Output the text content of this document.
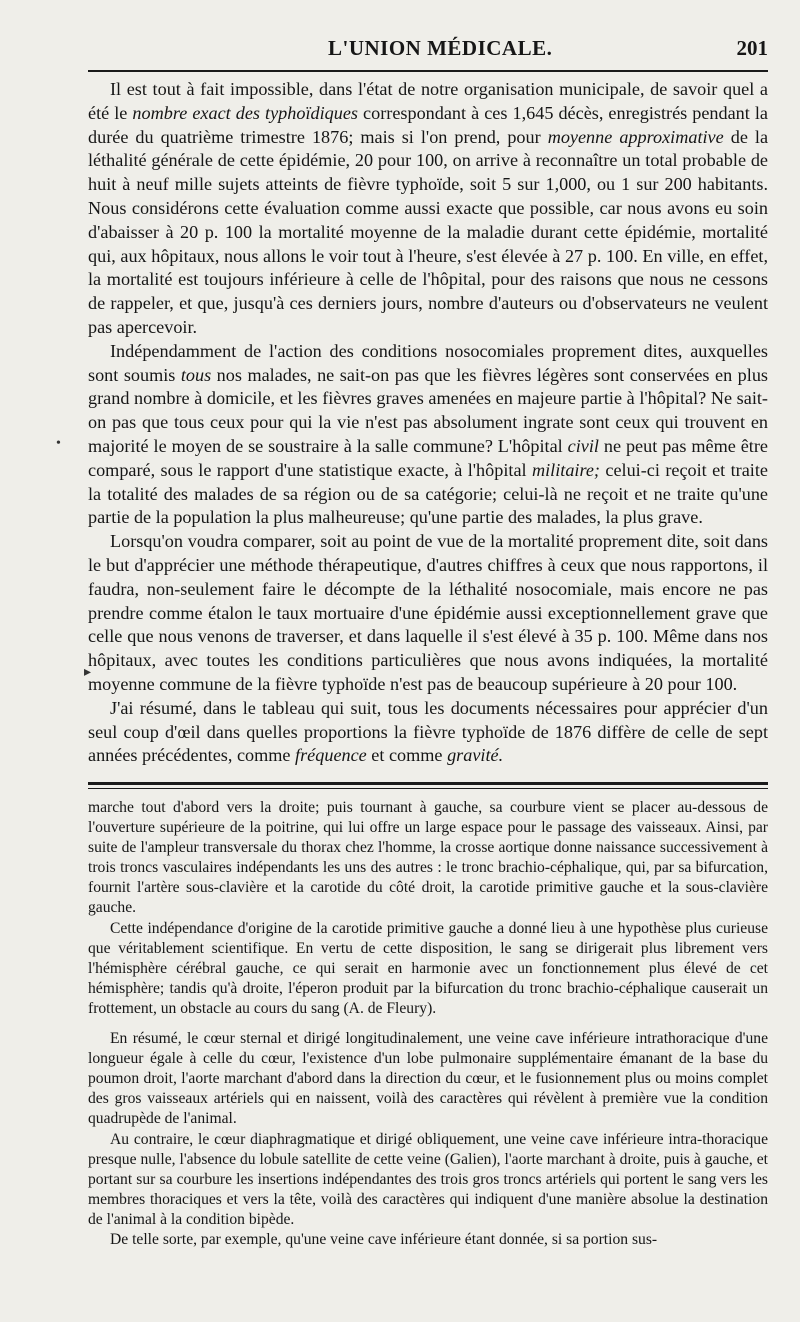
L'UNION MÉDICALE.	201

Il est tout à fait impossible, dans l'état de notre organisation municipale, de savoir quel a été le nombre exact des typhoïdiques correspondant à ces 1,645 décès, enregistrés pendant la durée du quatrième trimestre 1876; mais si l'on prend, pour moyenne approximative de la léthalité générale de cette épidémie, 20 pour 100, on arrive à reconnaître un total probable de huit à neuf mille sujets atteints de fièvre typhoïde, soit 5 sur 1,000, ou 1 sur 200 habitants. Nous considérons cette évaluation comme aussi exacte que possible, car nous avons eu soin d'abaisser à 20 p. 100 la mortalité moyenne de la maladie durant cette épidémie, mortalité qui, aux hôpitaux, nous allons le voir tout à l'heure, s'est élevée à 27 p. 100. En ville, en effet, la mortalité est toujours inférieure à celle de l'hôpital, pour des raisons que nous ne cessons de rappeler, et que, jusqu'à ces derniers jours, nombre d'auteurs ou d'observateurs ne veulent pas apercevoir.

Indépendamment de l'action des conditions nosocomiales proprement dites, auxquelles sont soumis tous nos malades, ne sait-on pas que les fièvres légères sont conservées en plus grand nombre à domicile, et les fièvres graves amenées en majeure partie à l'hôpital? Ne sait-on pas que tous ceux pour qui la vie n'est pas absolument ingrate sont ceux qui trouvent en majorité le moyen de se soustraire à la salle commune? L'hôpital civil ne peut pas même être comparé, sous le rapport d'une statistique exacte, à l'hôpital militaire; celui-ci reçoit et traite la totalité des malades de sa région ou de sa catégorie; celui-là ne reçoit et ne traite qu'une partie de la population la plus malheureuse; qu'une partie des malades, la plus grave.

Lorsqu'on voudra comparer, soit au point de vue de la mortalité proprement dite, soit dans le but d'apprécier une méthode thérapeutique, d'autres chiffres à ceux que nous rapportons, il faudra, non-seulement faire le décompte de la léthalité nosocomiale, mais encore ne pas prendre comme étalon le taux mortuaire d'une épidémie aussi exceptionnellement grave que celle que nous venons de traverser, et dans laquelle il s'est élevé à 35 p. 100. Même dans nos hôpitaux, avec toutes les conditions particulières que nous avons indiquées, la mortalité moyenne commune de la fièvre typhoïde n'est pas de beaucoup supérieure à 20 pour 100.

J'ai résumé, dans le tableau qui suit, tous les documents nécessaires pour apprécier d'un seul coup d'œil dans quelles proportions la fièvre typhoïde de 1876 diffère de celle de sept années précédentes, comme fréquence et comme gravité.

marche tout d'abord vers la droite; puis tournant à gauche, sa courbure vient se placer au-dessous de l'ouverture supérieure de la poitrine, qui lui offre un large espace pour le passage des vaisseaux. Ainsi, par suite de l'ampleur transversale du thorax chez l'homme, la crosse aortique donne naissance successivement à trois troncs vasculaires indépendants les uns des autres : le tronc brachio-céphalique, qui, par sa bifurcation, fournit l'artère sous-clavière et la carotide du côté droit, la carotide primitive gauche et la sous-clavière gauche.

Cette indépendance d'origine de la carotide primitive gauche a donné lieu à une hypothèse plus curieuse que véritablement scientifique. En vertu de cette disposition, le sang se dirigerait plus librement vers l'hémisphère cérébral gauche, ce qui serait en harmonie avec un fonctionnement plus élevé de cet hémisphère; tandis qu'à droite, l'éperon produit par la bifurcation du tronc brachio-céphalique causerait un frottement, un obstacle au cours du sang (A. de Fleury).

En résumé, le cœur sternal et dirigé longitudinalement, une veine cave inférieure intrathoracique d'une longueur égale à celle du cœur, l'existence d'un lobe pulmonaire supplémentaire émanant de la base du poumon droit, l'aorte marchant d'abord dans la direction du cœur, et le fusionnement plus ou moins complet des gros vaisseaux artériels qui en naissent, voilà des caractères qui révèlent à première vue la condition quadrupède de l'animal.

Au contraire, le cœur diaphragmatique et dirigé obliquement, une veine cave inférieure intra-thoracique presque nulle, l'absence du lobule satellite de cette veine (Galien), l'aorte marchant à droite, puis à gauche, et portant sur sa courbure les insertions indépendantes des trois gros troncs artériels qui portent le sang vers les membres thoraciques et vers la tête, voilà des caractères qui indiquent d'une manière absolue la destination de l'animal à la condition bipède.

De telle sorte, par exemple, qu'une veine cave inférieure étant donnée, si sa portion sus-

•
▸
